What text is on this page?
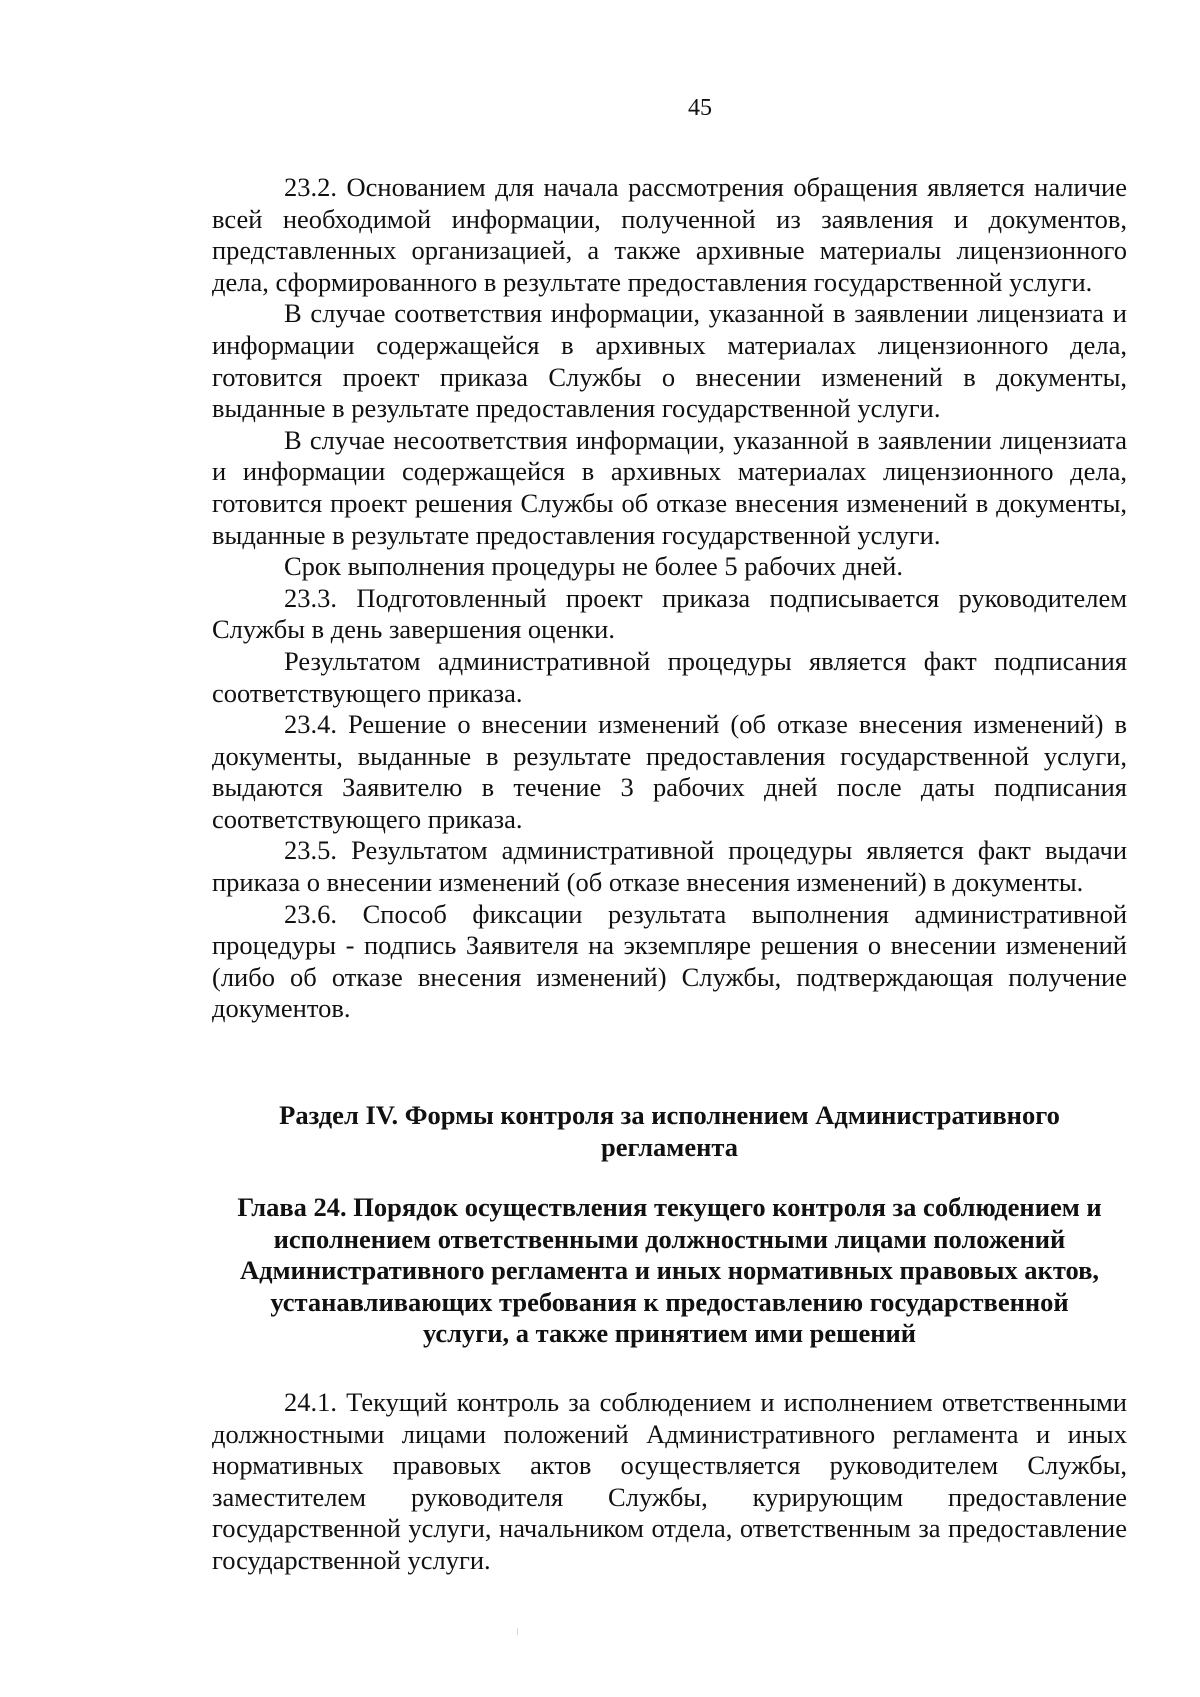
45

23.2. Основанием для начала рассмотрения обращения является наличие всей необходимой информации, полученной из заявления и документов, представленных организацией, а также архивные материалы лицензионного дела, сформированного в результате предоставления государственной услуги.

В случае соответствия информации, указанной в заявлении лицензиата и информации содержащейся в архивных материалах лицензионного дела, готовится проект приказа Службы о внесении изменений в документы, выданные в результате предоставления государственной услуги.

В случае несоответствия информации, указанной в заявлении лицензиата и информации содержащейся в архивных материалах лицензионного дела, готовится проект решения Службы об отказе внесения изменений в документы, выданные в результате предоставления государственной услуги.

Срок выполнения процедуры не более 5 рабочих дней.

23.3. Подготовленный проект приказа подписывается руководителем Службы в день завершения оценки.

Результатом административной процедуры является факт подписания соответствующего приказа.

23.4. Решение о внесении изменений (об отказе внесения изменений) в документы, выданные в результате предоставления государственной услуги, выдаются Заявителю в течение 3 рабочих дней после даты подписания соответствующего приказа.

23.5. Результатом административной процедуры является факт выдачи приказа о внесении изменений (об отказе внесения изменений) в документы.

23.6. Способ фиксации результата выполнения административной процедуры - подпись Заявителя на экземпляре решения о внесении изменений (либо об отказе внесения изменений) Службы, подтверждающая получение документов.

Раздел IV. Формы контроля за исполнением Административного
регламента
Глава 24. Порядок осуществления текущего контроля за соблюдением и
исполнением ответственными должностными лицами положений
Административного регламента и иных нормативных правовых актов,
устанавливающих требования к предоставлению государственной
услуги, а также принятием ими решений

24.1. Текущий контроль за соблюдением и исполнением ответственными должностными лицами положений Административного регламента и иных нормативных правовых актов осуществляется руководителем Службы, заместителем руководителя Службы, курирующим предоставление государственной услуги, начальником отдела, ответственным за предоставление государственной услуги.
